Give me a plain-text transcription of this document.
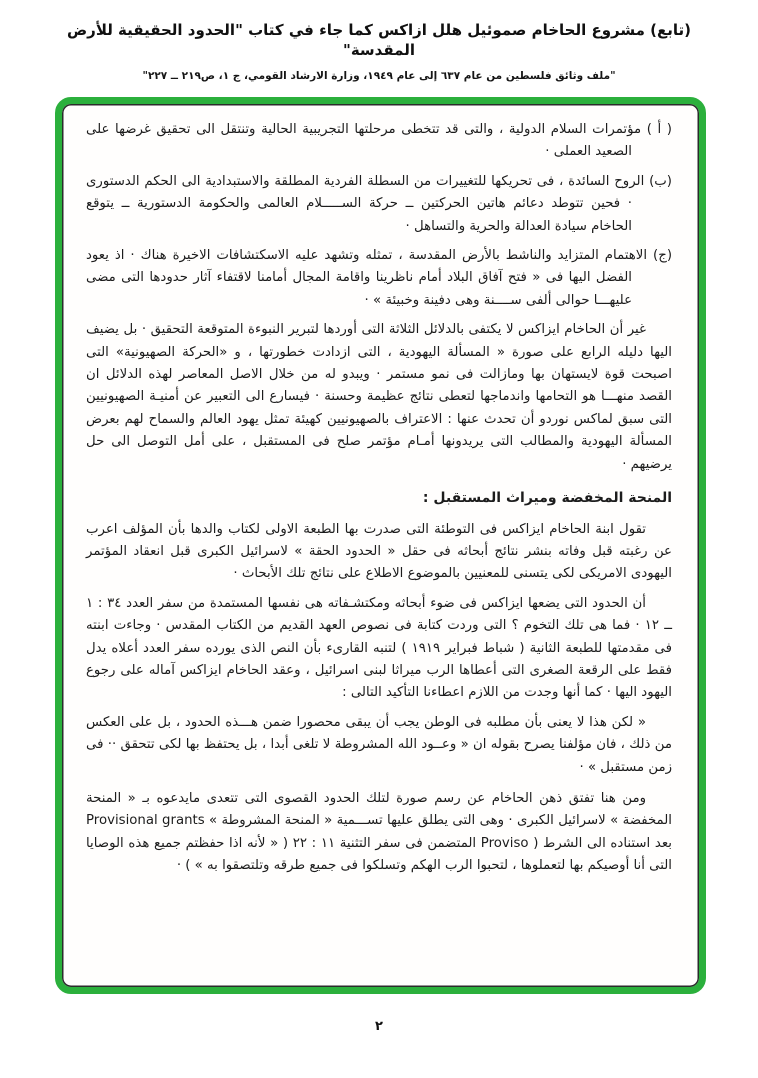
(تابع) مشروع الحاخام صموئيل هلل ازاكس كما جاء في كتاب "الحدود الحقيقية للأرض المقدسة"
"ملف وثائق فلسطين من عام ٦٣٧ إلى عام ١٩٤٩، وزارة الارشاد القومي، ج ١، ص٢١٩ ــ ٢٢٧"

( أ ) مؤتمرات السلام الدولية ، والتى قد تتخطى مرحلتها التجريبية الحالية وتنتقل الى تحقيق غرضها على الصعيد العملى ·

(ب) الروح السائدة ، فى تحريكها للتغييرات من السطلة الفردية المطلقة والاستبدادية الى الحكم الدستورى · فحين تتوطد دعائم هاتين الحركتين ــ حركة الســـــلام العالمى والحكومة الدستورية ــ يتوقع الحاخام سيادة العدالة والحرية والتساهل ·

(ج) الاهتمام المتزايد والناشط بالأرض المقدسة ، تمثله وتشهد عليه الاسكتشافات الاخيرة هناك · اذ يعود الفضل اليها فى « فتح آفاق البلاد أمام ناظرينا واقامة المجال أمامنا لاقتفاء آثار حدودها التى مضى عليهـــا حوالى ألفى ســــنة وهى دفينة وخبيئة » ·

غير أن الحاخام ايزاكس لا يكتفى بالدلائل الثلاثة التى أوردها لتبرير النبوءة المتوقعة التحقيق · بل يضيف اليها دليله الرابع على صورة « المسألة اليهودية ، التى ازدادت خطورتها ، و «الحركة الصهيونية» التى اصبحت قوة لايستهان بها ومازالت فى نمو مستمر · ويبدو له من خلال الاصل المعاصر لهذه الدلائل ان القصد منهـــا هو التحامها واندماجها لتعطى نتائج عظيمة وحسنة · فيسارع الى التعبير عن أمنيـة الصهيونيين التى سبق لماكس نوردو أن تحدث عنها : الاعتراف بالصهيونيين كهيئة تمثل يهود العالم والسماح لهم بعرض المسألة اليهودية والمطالب التى يريدونها أمـام مؤتمر صلح فى المستقبل ، على أمل التوصل الى حل يرضيهم ·

المنحة المخفضة وميراث المستقبل :

تقول ابنة الحاخام ايزاكس فى التوطئة التى صدرت بها الطبعة الاولى لكتاب والدها بأن المؤلف اعرب عن رغبته قبل وفاته بنشر نتائج أبحاثه فى حقل « الحدود الحقة » لاسرائيل الكبرى قبل انعقاد المؤتمر اليهودى الامريكى لكى يتسنى للمعنيين بالموضوع الاطلاع على نتائج تلك الأبحاث ·

أن الحدود التى يضعها ايزاكس فى ضوء أبحاثه ومكتشـفاته هى نفسها المستمدة من سفر العدد ٣٤ : ١ ــ ١٢ · فما هى تلك التخوم ؟ التى وردت كتابة فى نصوص العهد القديم من الكتاب المقدس · وجاءت ابنته فى مقدمتها للطبعة الثانية ( شباط فبراير ١٩١٩ ) لتنبه القارىء بأن النص الذى يورده سفر العدد أعلاه يدل فقط على الرقعة الصغرى التى أعطاها الرب ميراثا لبنى اسرائيل ، وعقد الحاخام ايزاكس آماله على رجوع اليهود اليها · كما أنها وجدت من اللازم اعطاءنا التأكيد التالى :

« لكن هذا لا يعنى بأن مطلبه فى الوطن يجب أن يبقى محصورا ضمن هـــذه الحدود ، بل على العكس من ذلك ، فان مؤلفنا يصرح بقوله ان « وعــود الله المشروطة لا تلغى أبدا ، بل يحتفظ بها لكى تتحقق ·· فى زمن مستقبل » ·

ومن هنا تفتق ذهن الحاخام عن رسم صورة لتلك الحدود القصوى التى تتعدى مايدعوه بـ « المنحة المخفضة » لاسرائيل الكبرى · وهى التى يطلق عليها تســـمية « المنحة المشروطة » Provisional grants بعد استناده الى الشرط ( Proviso المتضمن فى سفر التثنية ١١ : ٢٢ ( « لأنه اذا حفظتم جميع هذه الوصايا التى أنا أوصيكم بها لتعملوها ، لتحبوا الرب الهكم وتسلكوا فى جميع طرقه وتلتصقوا به » ) ·

٢
